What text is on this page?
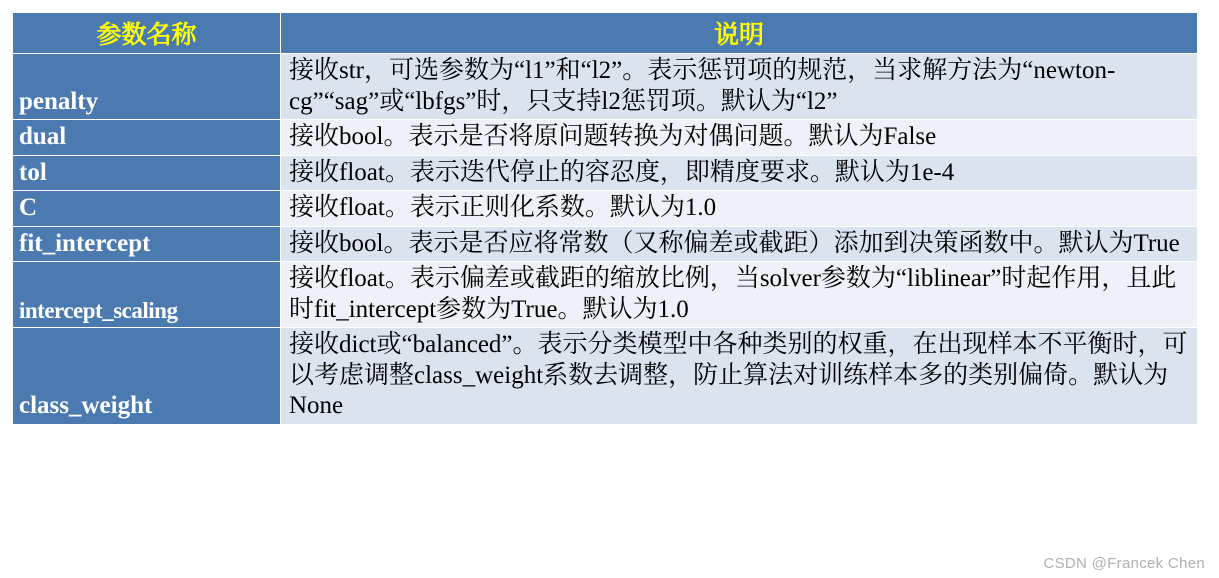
参数名称	说明
penalty	接收str，可选参数为“l1”和“l2”。表示惩罚项的规范，当求解方法为“newton-cg”“sag”或“lbfgs”时，只支持l2惩罚项。默认为“l2”
dual	接收bool。表示是否将原问题转换为对偶问题。默认为False
tol	接收float。表示迭代停止的容忍度，即精度要求。默认为1e-4
C	接收float。表示正则化系数。默认为1.0
fit_intercept	接收bool。表示是否应将常数（又称偏差或截距）添加到决策函数中。默认为True
intercept_scaling	接收float。表示偏差或截距的缩放比例，当solver参数为“liblinear”时起作用，且此时fit_intercept参数为True。默认为1.0
class_weight	接收dict或“balanced”。表示分类模型中各种类别的权重，在出现样本不平衡时，可以考虑调整class_weight系数去调整，防止算法对训练样本多的类别偏倚。默认为None
CSDN @Francek Chen
